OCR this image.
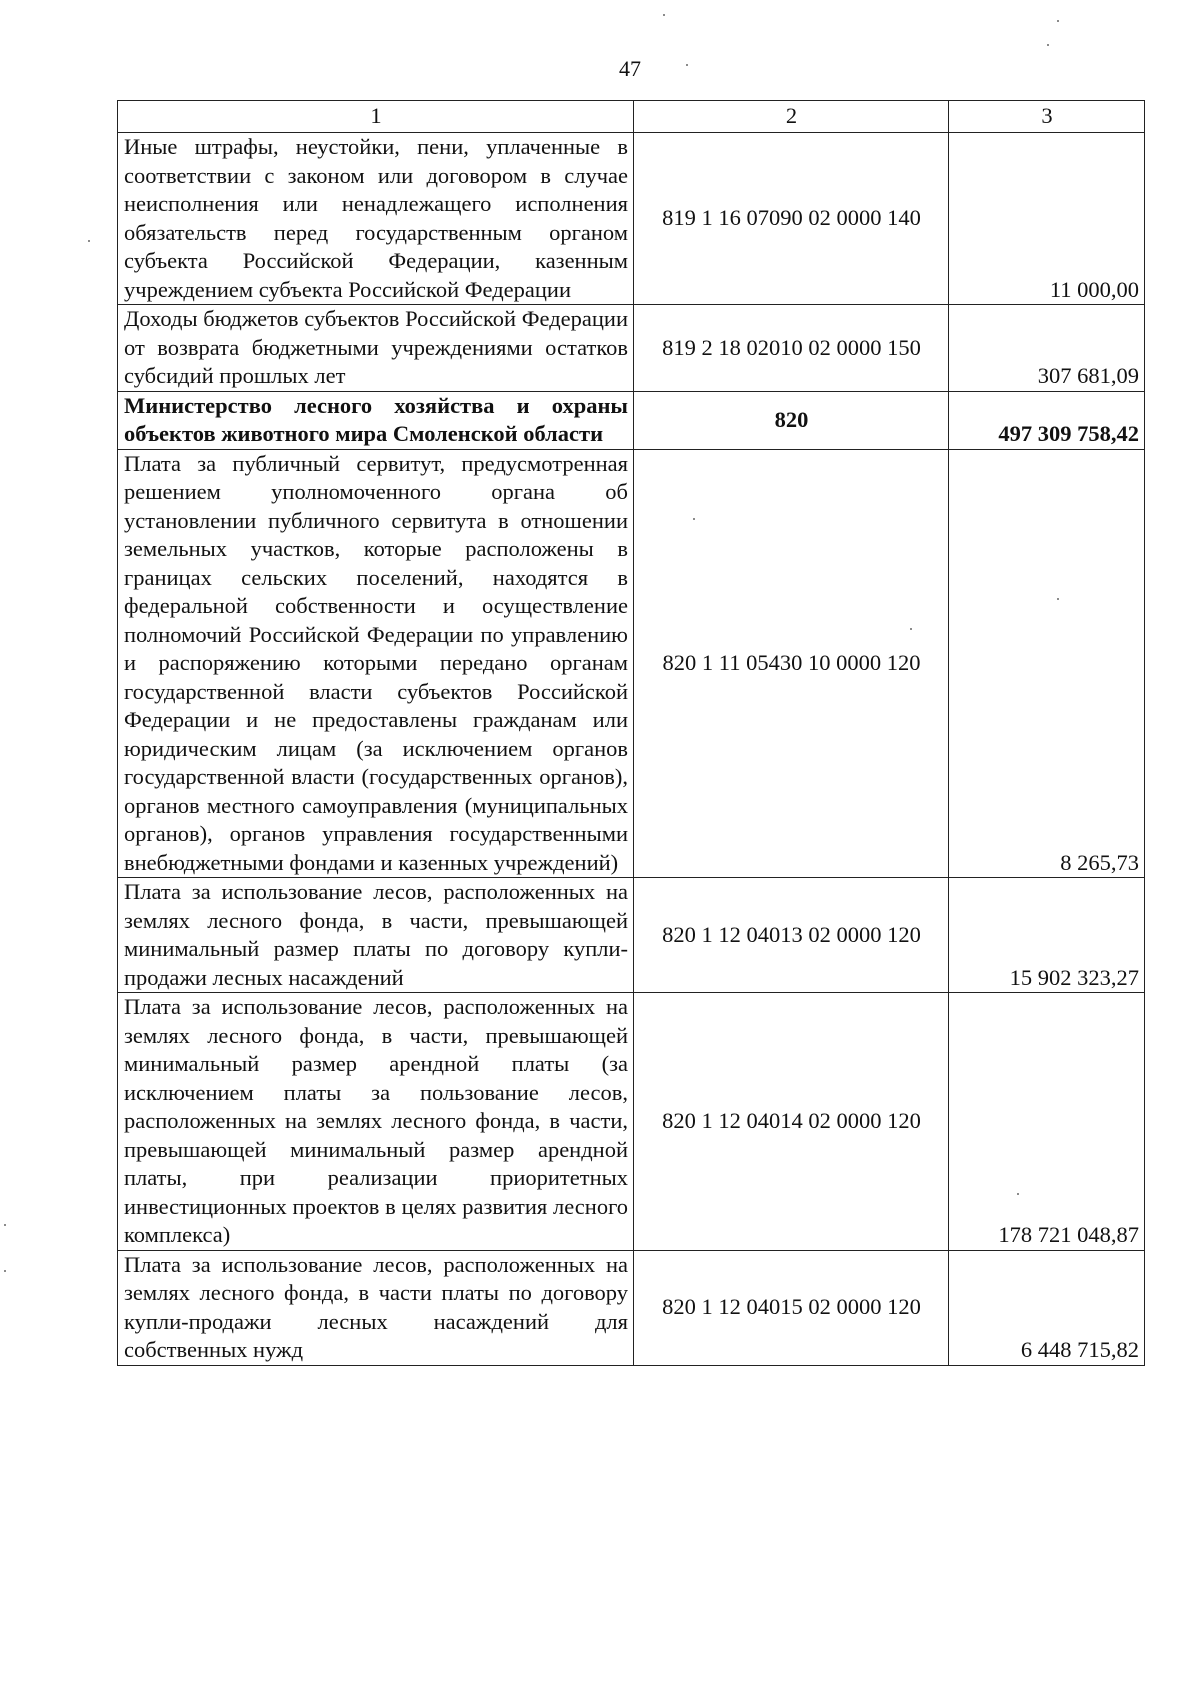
47
1	2	3
Иные штрафы, неустойки, пени, уплаченные в соответствии с законом или договором в случае неисполнения или ненадлежащего исполнения обязательств перед государственным органом субъекта Российской Федерации, казенным учреждением субъекта Российской Федерации	819 1 16 07090 02 0000 140	11 000,00
Доходы бюджетов субъектов Российской Федерации от возврата бюджетными учреждениями остатков субсидий прошлых лет	819 2 18 02010 02 0000 150	307 681,09
Министерство лесного хозяйства и охраны объектов животного мира Смоленской области	820	497 309 758,42
Плата за публичный сервитут, предусмотренная решением уполномоченного органа об установлении публичного сервитута в отношении земельных участков, которые расположены в границах сельских поселений, находятся в федеральной собственности и осуществление полномочий Российской Федерации по управлению и распоряжению которыми передано органам государственной власти субъектов Российской Федерации и не предоставлены гражданам или юридическим лицам (за исключением органов государственной власти (государственных органов), органов местного самоуправления (муниципальных органов), органов управления государственными внебюджетными фондами и казенных учреждений)	820 1 11 05430 10 0000 120	8 265,73
Плата за использование лесов, расположенных на землях лесного фонда, в части, превышающей минимальный размер платы по договору купли-продажи лесных насаждений	820 1 12 04013 02 0000 120	15 902 323,27
Плата за использование лесов, расположенных на землях лесного фонда, в части, превышающей минимальный размер арендной платы (за исключением платы за пользование лесов, расположенных на землях лесного фонда, в части, превышающей минимальный размер арендной платы, при реализации приоритетных инвестиционных проектов в целях развития лесного комплекса)	820 1 12 04014 02 0000 120	178 721 048,87
Плата за использование лесов, расположенных на землях лесного фонда, в части платы по договору купли-продажи лесных насаждений для собственных нужд	820 1 12 04015 02 0000 120	6 448 715,82
